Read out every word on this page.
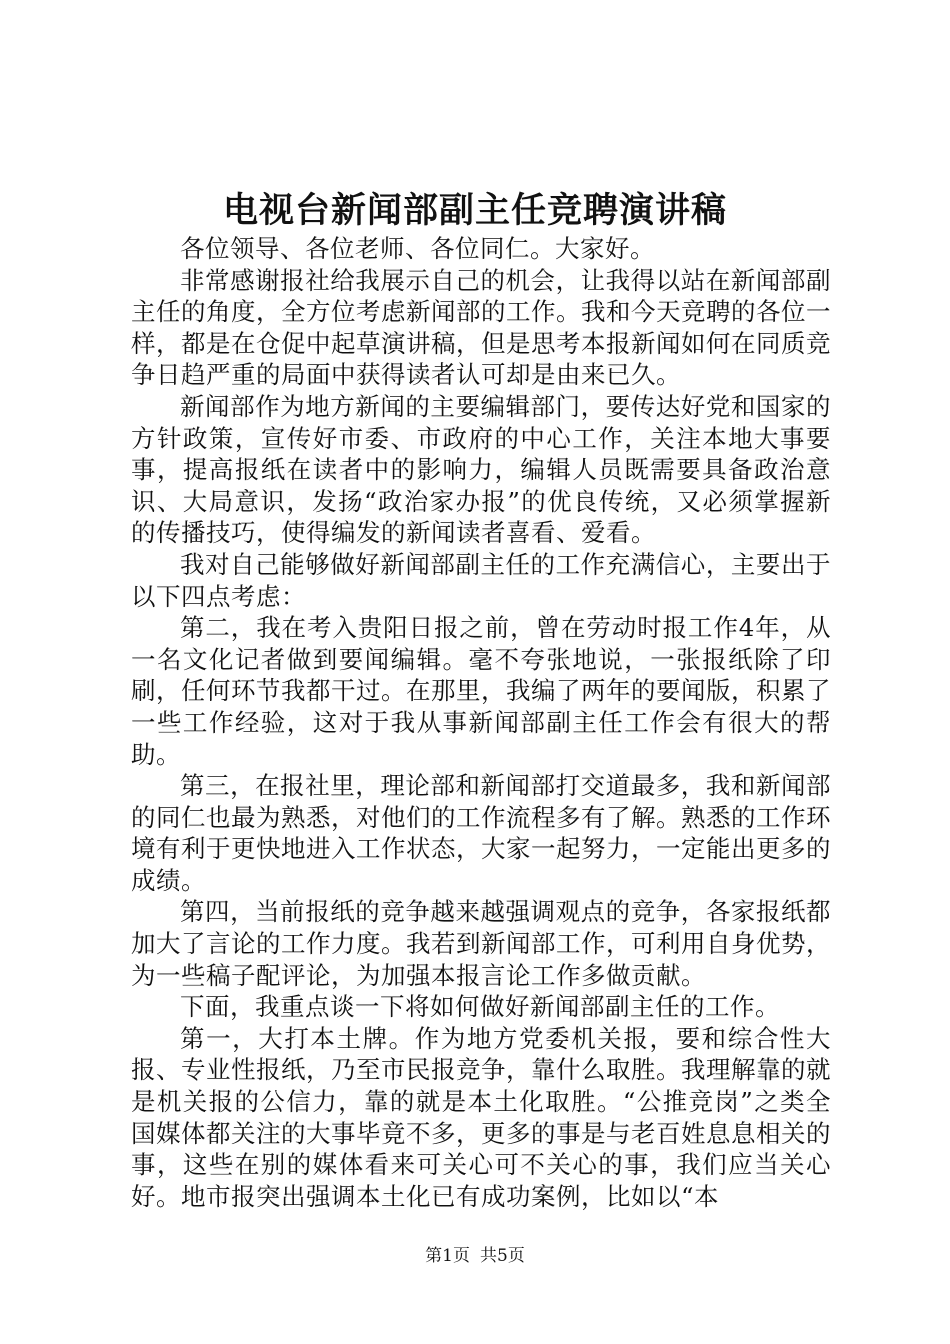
电视台新闻部副主任竞聘演讲稿

各位领导、各位老师、各位同仁。大家好。

非常感谢报社给我展示自己的机会，让我得以站在新闻部副主任的角度，全方位考虑新闻部的工作。我和今天竞聘的各位一样，都是在仓促中起草演讲稿，但是思考本报新闻如何在同质竞争日趋严重的局面中获得读者认可却是由来已久。

新闻部作为地方新闻的主要编辑部门，要传达好党和国家的方针政策，宣传好市委、市政府的中心工作，关注本地大事要事，提高报纸在读者中的影响力，编辑人员既需要具备政治意识、大局意识，发扬“政治家办报”的优良传统，又必须掌握新的传播技巧，使得编发的新闻读者喜看、爱看。

我对自己能够做好新闻部副主任的工作充满信心，主要出于以下四点考虑：

第二，我在考入贵阳日报之前，曾在劳动时报工作4年，从一名文化记者做到要闻编辑。毫不夸张地说，一张报纸除了印刷，任何环节我都干过。在那里，我编了两年的要闻版，积累了一些工作经验，这对于我从事新闻部副主任工作会有很大的帮助。

第三，在报社里，理论部和新闻部打交道最多，我和新闻部的同仁也最为熟悉，对他们的工作流程多有了解。熟悉的工作环境有利于更快地进入工作状态，大家一起努力，一定能出更多的成绩。

第四，当前报纸的竞争越来越强调观点的竞争，各家报纸都加大了言论的工作力度。我若到新闻部工作，可利用自身优势，为一些稿子配评论，为加强本报言论工作多做贡献。

下面，我重点谈一下将如何做好新闻部副主任的工作。

第一，大打本土牌。作为地方党委机关报，要和综合性大报、专业性报纸，乃至市民报竞争，靠什么取胜。我理解靠的就是机关报的公信力，靠的就是本土化取胜。“公推竞岗”之类全国媒体都关注的大事毕竟不多，更多的事是与老百姓息息相关的事，这些在别的媒体看来可关心可不关心的事，我们应当关心好。地市报突出强调本土化已有成功案例，比如以“本

第1页 共5页
